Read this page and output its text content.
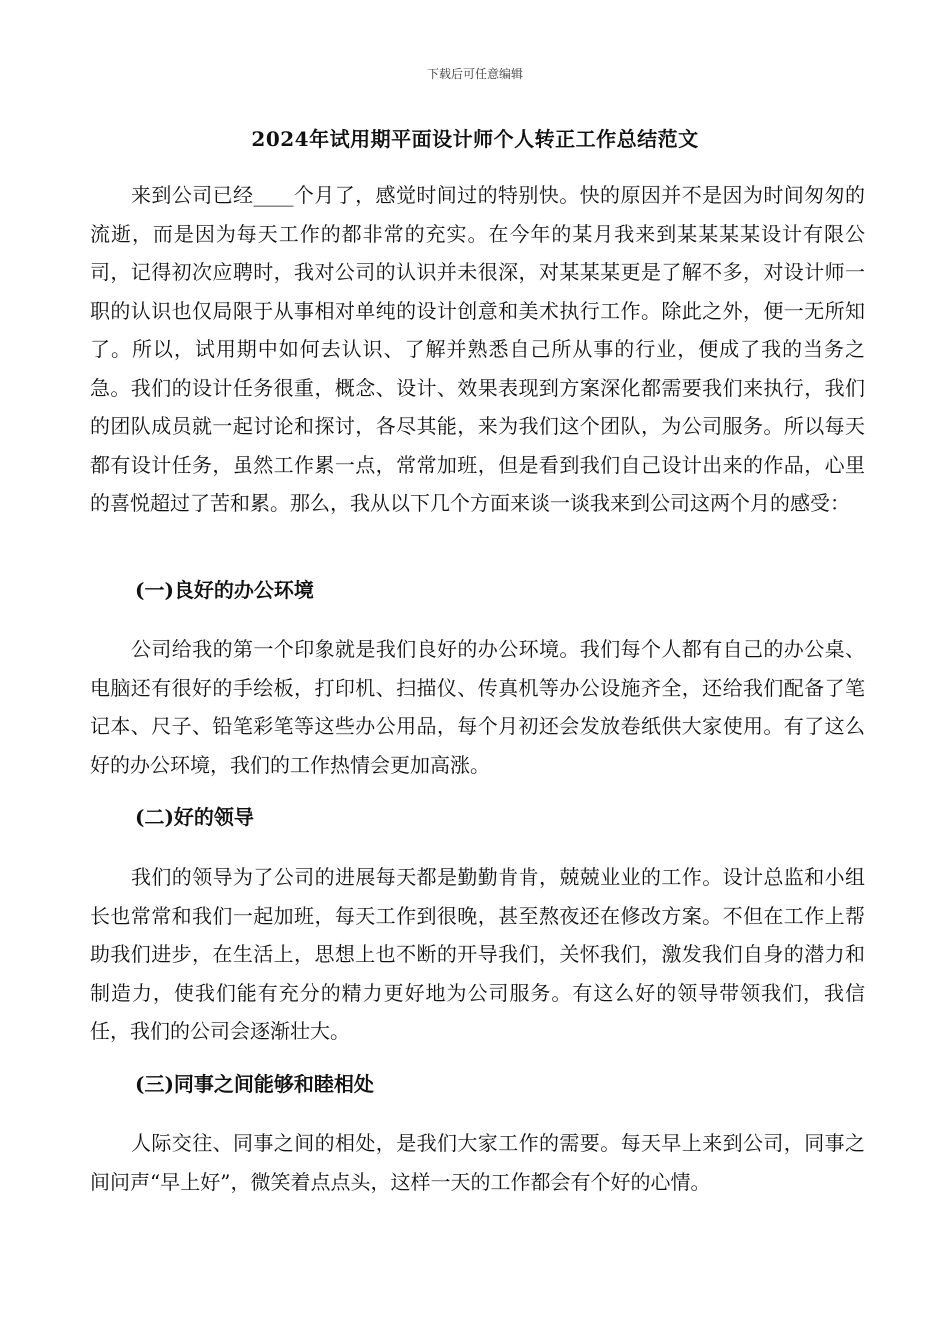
下载后可任意编辑
2024年试用期平面设计师个人转正工作总结范文

来到公司已经____个月了，感觉时间过的特别快。快的原因并不是因为时间匆匆的流逝，而是因为每天工作的都非常的充实。在今年的某月我来到某某某某设计有限公司，记得初次应聘时，我对公司的认识并未很深，对某某某更是了解不多，对设计师一职的认识也仅局限于从事相对单纯的设计创意和美术执行工作。除此之外，便一无所知了。所以，试用期中如何去认识、了解并熟悉自己所从事的行业，便成了我的当务之急。我们的设计任务很重，概念、设计、效果表现到方案深化都需要我们来执行，我们的团队成员就一起讨论和探讨，各尽其能，来为我们这个团队，为公司服务。所以每天都有设计任务，虽然工作累一点，常常加班，但是看到我们自己设计出来的作品，心里的喜悦超过了苦和累。那么，我从以下几个方面来谈一谈我来到公司这两个月的感受：

(一)良好的办公环境

公司给我的第一个印象就是我们良好的办公环境。我们每个人都有自己的办公桌、电脑还有很好的手绘板，打印机、扫描仪、传真机等办公设施齐全，还给我们配备了笔记本、尺子、铅笔彩笔等这些办公用品，每个月初还会发放卷纸供大家使用。有了这么好的办公环境，我们的工作热情会更加高涨。

(二)好的领导

我们的领导为了公司的进展每天都是勤勤肯肯，兢兢业业的工作。设计总监和小组长也常常和我们一起加班，每天工作到很晚，甚至熬夜还在修改方案。不但在工作上帮助我们进步，在生活上，思想上也不断的开导我们，关怀我们，激发我们自身的潜力和制造力，使我们能有充分的精力更好地为公司服务。有这么好的领导带领我们，我信任，我们的公司会逐渐壮大。

(三)同事之间能够和睦相处

人际交往、同事之间的相处，是我们大家工作的需要。每天早上来到公司，同事之间问声“早上好”，微笑着点点头，这样一天的工作都会有个好的心情。
